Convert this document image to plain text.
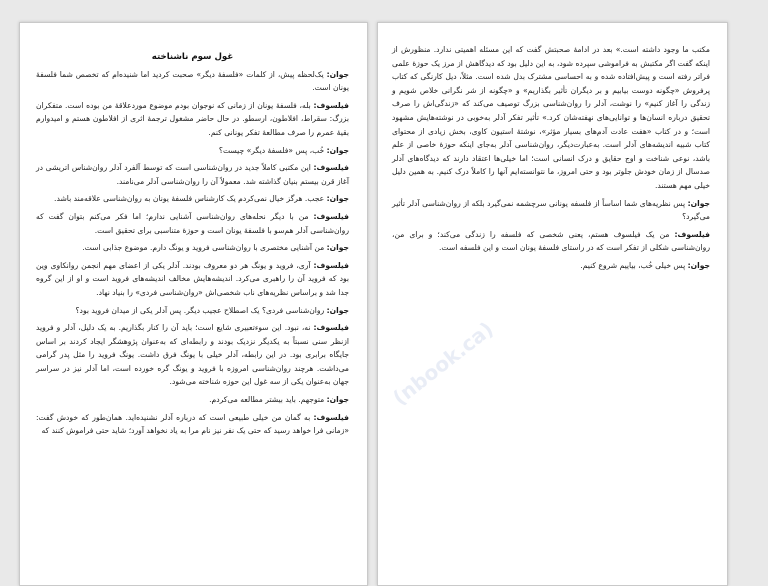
غول سوم ناشناخته

جوان: یک‌لحظه پیش، از کلمات «فلسفهٔ دیگر» صحبت کردید اما شنیده‌ام که تخصص شما فلسفهٔ یونان است.

فیلسوف: بله، فلسفهٔ یونان از زمانی که نوجوان بودم موضوع موردعلاقهٔ من بوده است. متفکران بزرگ: سقراط، افلاطون، ارسطو. در حال حاضر مشغول ترجمهٔ اثری از افلاطون هستم و امیدوارم بقیهٔ عمرم را صرف مطالعهٔ تفکر یونانی کنم.

جوان: خُب، پس «فلسفهٔ دیگر» چیست؟

فیلسوف: این مکتبی کاملاً جدید در روان‌شناسی است که توسط آلفرد آدلر روان‌شناس اتریشی در آغاز قرن بیستم بنیان گذاشته شد. معمولاً آن را روان‌شناسی آدلر می‌نامند.

جوان: عجب. هرگز خیال نمی‌کردم یک کارشناس فلسفهٔ یونان به روان‌شناسی علاقه‌مند باشد.

فیلسوف: من با دیگر نحله‌های روان‌شناسی آشنایی ندارم؛ اما فکر می‌کنم بتوان گفت که روان‌شناسی آدلر هم‌سو با فلسفهٔ یونان است و حوزهٔ متناسبی برای تحقیق است.

جوان: من آشنایی مختصری با روان‌شناسی فروید و یونگ دارم. موضوع جذابی است.

فیلسوف: آری، فروید و یونگ هر دو معروف بودند. آدلر یکی از اعضای مهم انجمن روانکاوی وین بود که فروید آن را راهبری می‌کرد. اندیشه‌هایش مخالف اندیشه‌های فروید است و او از این گروه جدا شد و براساس نظریه‌های ناب شخصی‌اش «روان‌شناسی فردی» را بنیاد نهاد.

جوان: روان‌شناسی فردی؟ یک اصطلاح عجیب دیگر. پس آدلر یکی از میدان فروید بود؟

فیلسوف: نه، نبود. این سوءتعبیری شایع است؛ باید آن را کنار بگذاریم. به یک دلیل، آدلر و فروید ازنظر سنی نسبتاً به یکدیگر نزدیک بودند و رابطه‌ای که به‌عنوان پژوهشگر ایجاد کردند بر اساس جایگاه برابری بود. در این رابطه، آدلر خیلی با یونگ فرق داشت. یونگ فروید را مثل پدر گرامی می‌داشت. هرچند روان‌شناسی امروزه با فروید و یونگ گره خورده است، اما آدلر نیز در سراسر جهان به‌عنوان یکی از سه غول این حوزه شناخته می‌شود.

جوان: متوجهم. باید بیشتر مطالعه می‌کردم.

فیلسوف: به گمان من خیلی طبیعی است که درباره آدلر نشنیده‌اید. همان‌طور که خودش گفت: «زمانی فرا خواهد رسید که حتی یک نفر نیز نام مرا به یاد نخواهد آورد؛ شاید حتی فراموش کنند که

مکتب ما وجود داشته است.» بعد در ادامهٔ صحبتش گفت که این مسئله اهمیتی ندارد. منظورش از اینکه گفت اگر مکتبش به فراموشی سپرده شود، به این دلیل بود که دیدگاهش از مرز یک حوزهٔ علمی فراتر رفته است و پیش‌افتاده شده و به احساسی مشترک بدل شده است. مثلاً، دیل کارنگی که کتاب پرفروش «چگونه دوست بیابیم و بر دیگران تأثیر بگذاریم» و «چگونه از شر نگرانی خلاص شویم و زندگی را آغاز کنیم» را نوشت، آدلر را روان‌شناسی بزرگ توصیف می‌کند که «زندگی‌اش را صرف تحقیق درباره انسان‌ها و توانایی‌های نهفته‌شان کرد.» تأثیر تفکر آدلر به‌خوبی در نوشته‌هایش مشهود است؛ و در کتاب «هفت عادت آدم‌های بسیار مؤثر»، نوشتهٔ استیون کاوی، بخش زیادی از محتوای کتاب شبیه اندیشه‌های آدلر است. به‌عبارت‌دیگر، روان‌شناسی آدلر به‌جای اینکه حوزهٔ خاصی از علم باشد، نوعی شناخت و اوج حقایق و درک انسانی است؛ اما خیلی‌ها اعتقاد دارند که دیدگاه‌های آدلر صدسال از زمان خودش جلوتر بود و حتی امروز، ما نتوانسته‌ایم آنها را کاملاً درک کنیم. به همین دلیل خیلی مهم هستند.

جوان: پس نظریه‌های شما اساساً از فلسفه یونانی سرچشمه نمی‌گیرد بلکه از روان‌شناسی آدلر تأثیر می‌گیرد؟

فیلسوف: من یک فیلسوف هستم، یعنی شخصی که فلسفه را زندگی می‌کند؛ و برای من، روان‌شناسی شکلی از تفکر است که در راستای فلسفهٔ یونان است و این فلسفه است.

جوان: پس خیلی خُب، بیاییم شروع کنیم.

(nbook.ca)
